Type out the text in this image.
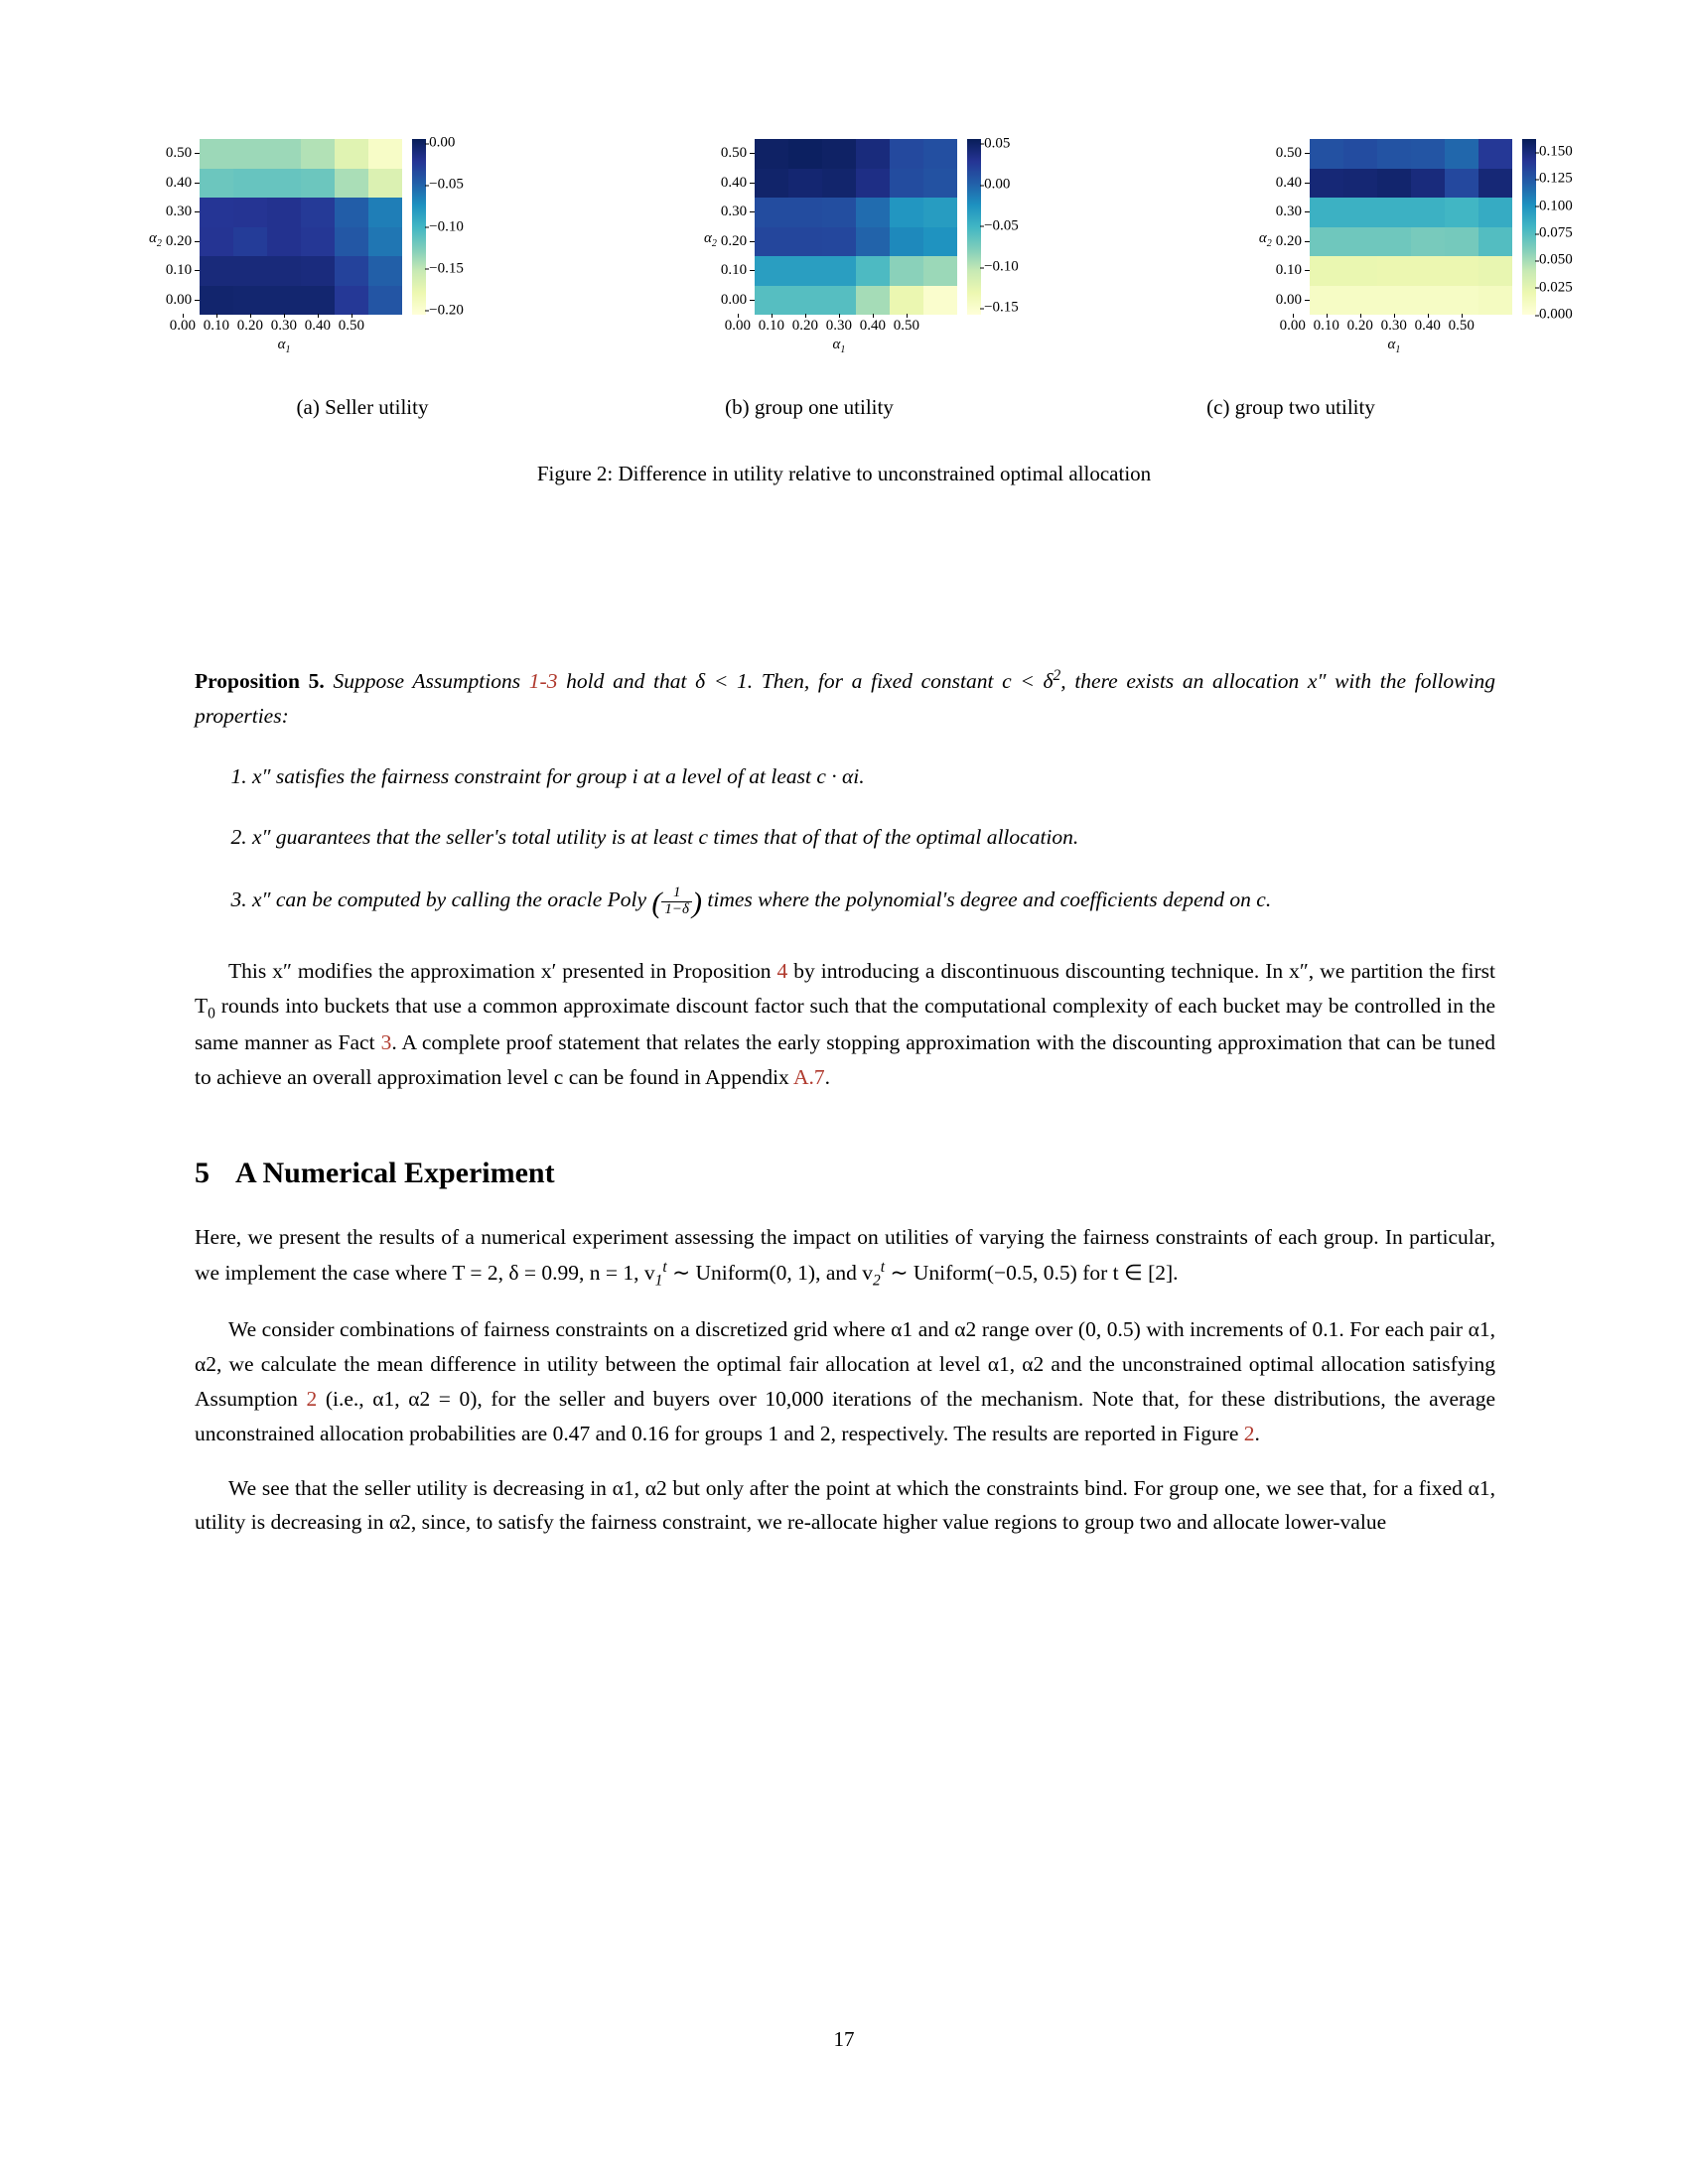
$\alpha_2$
0.50
0.40
0.30
0.20
0.10
0.00
0.00 0.10 0.20 0.30 0.40 0.50
$\alpha_1$
0.00
−0.05
−0.10
−0.15
−0.20
$\alpha_2$
0.50
0.40
0.30
0.20
0.10
0.00
0.00 0.10 0.20 0.30 0.40 0.50
$\alpha_1$
0.05
0.00
−0.05
−0.10
−0.15
$\alpha_2$
0.50
0.40
0.30
0.20
0.10
0.00
0.00 0.10 0.20 0.30 0.40 0.50
$\alpha_1$
0.150
0.125
0.100
0.075
0.050
0.025
0.000
(a) Seller utility	(b) group one utility	(c) group two utility
Figure 2: Difference in utility relative to unconstrained optimal allocation

Proposition 5. Suppose Assumptions 1-3 hold and that δ < 1. Then, for a fixed constant $c < \delta^2$, there exists an allocation x″ with the following properties:

1. x″ satisfies the fairness constraint for group i at a level of at least c · αi.
2. x″ guarantees that the seller's total utility is at least c times that of that of the optimal allocation.
3. x″ can be computed by calling the oracle Poly ( $\frac{1}{1-\delta}$ ) times where the polynomial's degree and coefficients depend on c.

This x″ modifies the approximation x′ presented in Proposition 4 by introducing a discontinuous discounting technique. In x″, we partition the first $T_0$ rounds into buckets that use a common approximate discount factor such that the computational complexity of each bucket may be controlled in the same manner as Fact 3. A complete proof statement that relates the early stopping approximation with the discounting approximation that can be tuned to achieve an overall approximation level c can be found in Appendix A.7.

5 A Numerical Experiment

Here, we present the results of a numerical experiment assessing the impact on utilities of varying the fairness constraints of each group. In particular, we implement the case where T = 2, δ = 0.99, n = 1, $v_1^t$ ∼ Uniform(0, 1), and $v_2^t$ ∼ Uniform(−0.5, 0.5) for t ∈ [2].

We consider combinations of fairness constraints on a discretized grid where α1 and α2 range over (0, 0.5) with increments of 0.1. For each pair α1, α2, we calculate the mean difference in utility between the optimal fair allocation at level α1, α2 and the unconstrained optimal allocation satisfying Assumption 2 (i.e., α1, α2 = 0), for the seller and buyers over 10,000 iterations of the mechanism. Note that, for these distributions, the average unconstrained allocation probabilities are 0.47 and 0.16 for groups 1 and 2, respectively. The results are reported in Figure 2.

We see that the seller utility is decreasing in α1, α2 but only after the point at which the constraints bind. For group one, we see that, for a fixed α1, utility is decreasing in α2, since, to satisfy the fairness constraint, we re-allocate higher value regions to group two and allocate lower-value

17
